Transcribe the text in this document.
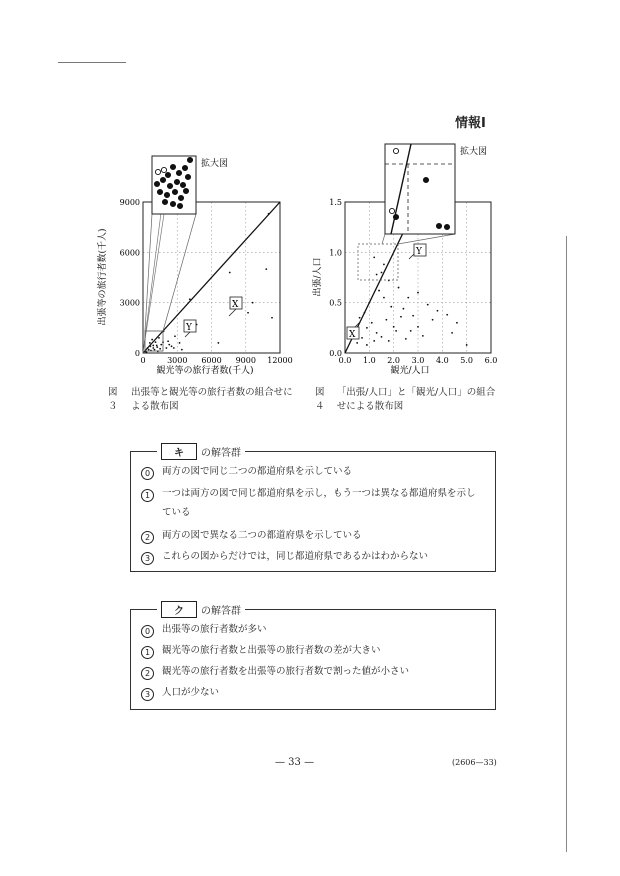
情報Ⅰ
0	3000 6000 9000 12000
0
3000
6000
9000
拡大図
Y
X
観光等の旅行者数(千人)
出張等の旅行者数(千人)
0.0 1.0 2.0 3.0 4.0 5.0 6.0
0.0
0.5
1.0
1.5
拡大図
Y
X
観光/人口
出張/人口
図３
出張等と観光等の旅行者数の組合せによる散布図
図４
「出張/人口」と「観光/人口」の組合せによる散布図
キ	の解答群
0	両方の図で同じ二つの都道府県を示している
1	一つは両方の図で同じ都道府県を示し，もう一つは異なる都道府県を示している
2	両方の図で異なる二つの都道府県を示している
3	これらの図からだけでは，同じ都道府県であるかはわからない
ク	の解答群
0	出張等の旅行者数が多い
1	観光等の旅行者数と出張等の旅行者数の差が大きい
2	観光等の旅行者数を出張等の旅行者数で割った値が小さい
3	人口が少ない
— 33 —	(2606—33)
